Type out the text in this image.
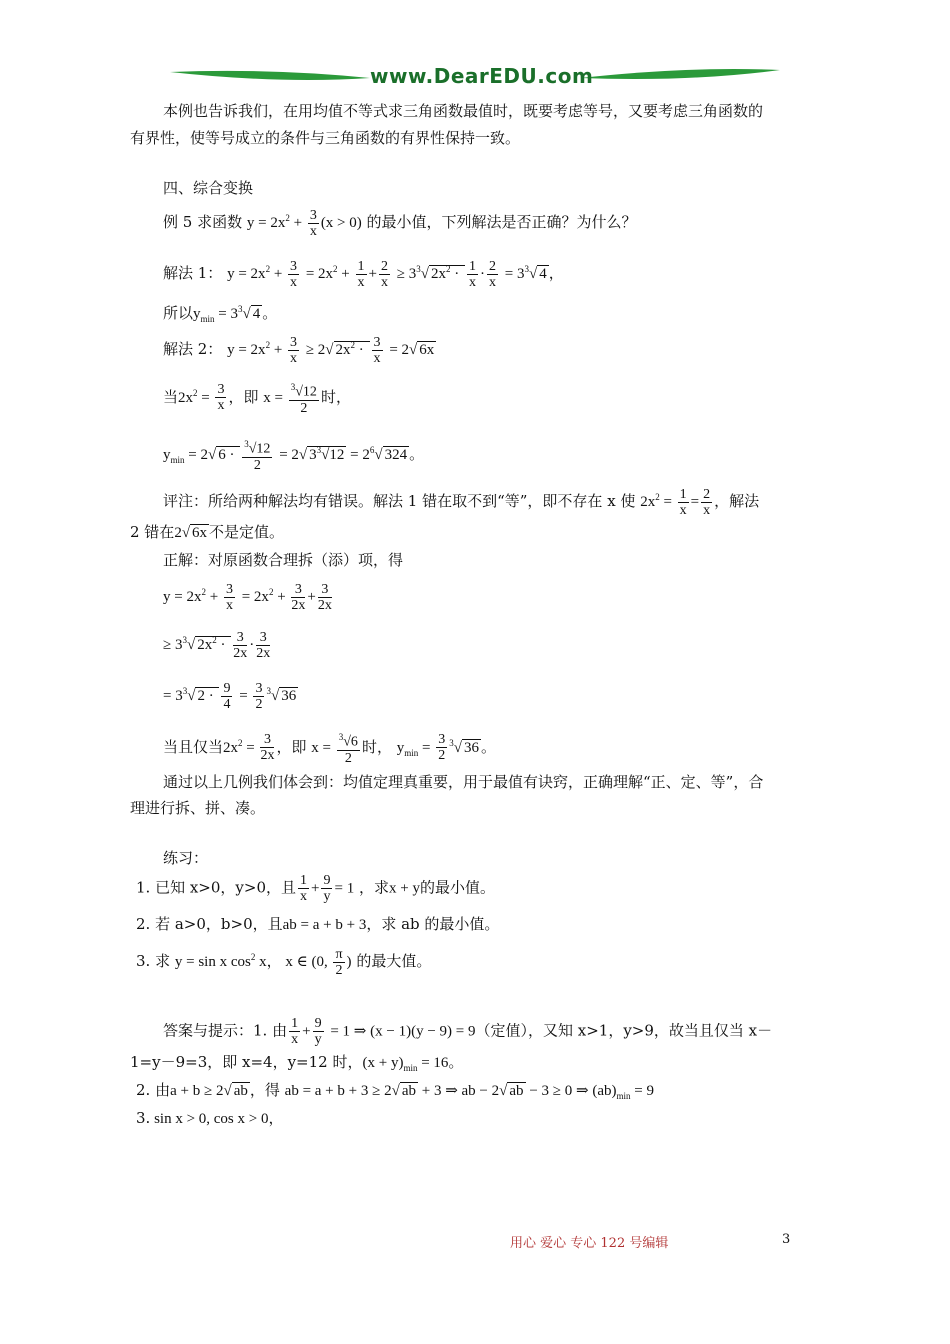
www.DearEDU.com
本例也告诉我们，在用均值不等式求三角函数最值时，既要考虑等号，又要考虑三角函数的
有界性，使等号成立的条件与三角函数的有界性保持一致。
四、综合变换
例 5 求函数 $y = 2x^2 + \frac{3}{x} (x > 0)$ 的最小值，下列解法是否正确？为什么？
解法 1： $y = 2x^2 + \frac{3}{x} = 2x^2 + \frac{1}{x} + \frac{2}{x} \ge 3^3√$ $2x^2 \cdot \frac{1}{x} \cdot \frac{2}{x} = 3^3√$ 4 ，
所以$y_{min} = 3^3√$ 4 。
解法 2： $y = 2x^2 + \frac{3}{x} \ge 2√$ $2x^2 \cdot \frac{3}{x} = 2√$ 6x
当$2x^2 = \frac{3}{x}$ ，即 $x = \frac{^3√12}{2}$ 时，
$y_{min} = 2√$ $6 \cdot \frac{^3√12}{2} = 2√$ $3^3√12 = 2^6√$ 324 。
评注：所给两种解法均有错误。解法 1 错在取不到“等”，即不存在 x 使 $2x^2 = \frac{1}{x} = \frac{2}{x}$ ，解法
2 错在2√ 6x 不是定值。
正解：对原函数合理拆（添）项，得
$y = 2x^2 + \frac{3}{x} = 2x^2 + \frac{3}{2x} + \frac{3}{2x}$
≥ $3^3√$ $2x^2 \cdot \frac{3}{2x} \cdot \frac{3}{2x}$
= $3^3√$ $2 \cdot \frac{9}{4} = \frac{3}{2} ^3√$ 36
当且仅当$2x^2 = \frac{3}{2x}$ ，即 $x = \frac{^3√6}{2}$ 时， $y_{min} = \frac{3}{2} ^3√$ 36 。
通过以上几例我们体会到：均值定理真重要，用于最值有诀窍，正确理解“正、定、等”，合
理进行拆、拼、凑。
练习：
1. 已知 x>0，y>0，且 $\frac{1}{x} + \frac{9}{y} = 1$ ，求x + y的最小值。
2. 若 a>0，b>0，且ab = a + b + 3，求 ab 的最小值。
3. 求 y = sin x $\cos^2 x$， x ∈ (0, $\frac{\pi}{2}$ ) 的最大值。
答案与提示：1. 由 $\frac{1}{x} + \frac{9}{y} = 1$ ⇒ (x − 1)(y − 9) = 9（定值），又知 x>1，y>9，故当且仅当 x－
1=y－9=3，即 x=4，y=12 时，$(x + y)_{min} = 16$。
2. 由a + b ≥ 2√ ab ，得 ab = a + b + 3 ≥ 2√ ab + 3 ⇒ ab − 2√ ab − 3 ≥ 0 ⇒ $(ab)_{min} = 9$
3. sin x > 0, cos x > 0，
用心 爱心 专心 122 号编辑	3
